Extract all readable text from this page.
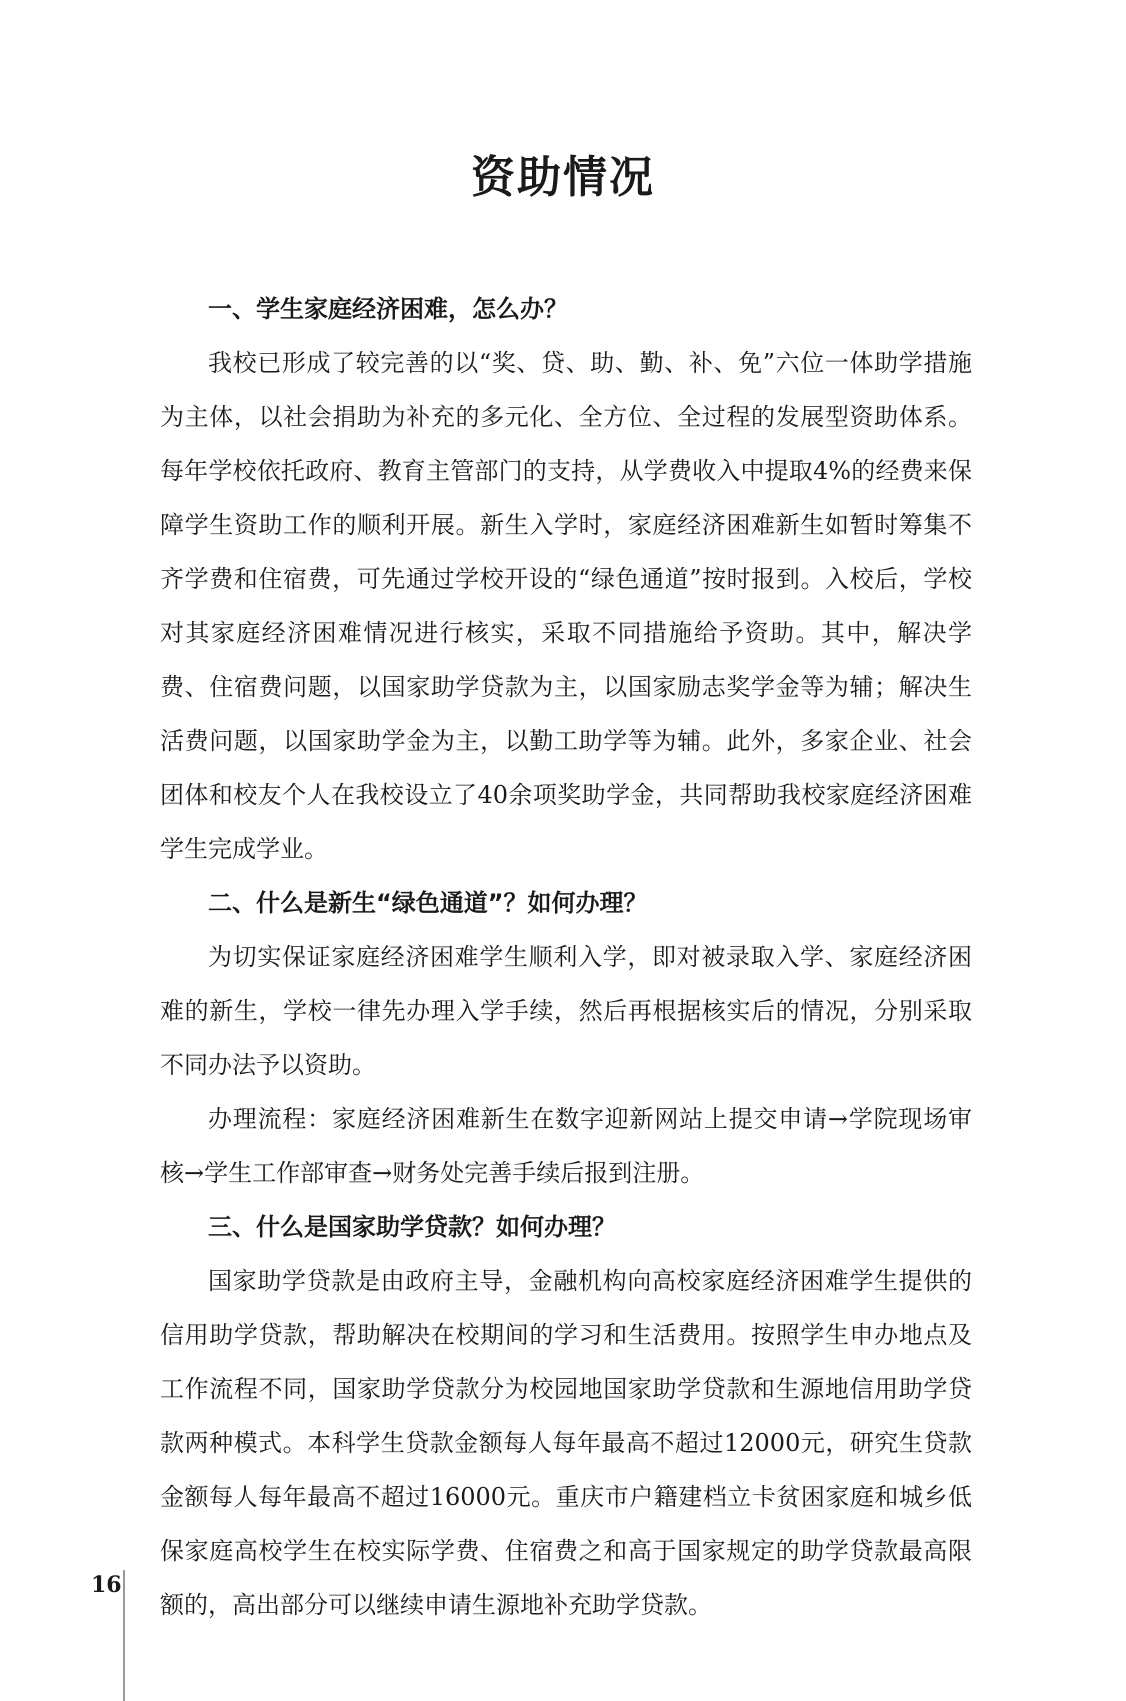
资助情况
一、学生家庭经济困难，怎么办？

我校已形成了较完善的以“奖、贷、助、勤、补、免”六位一体助学措施为主体，以社会捐助为补充的多元化、全方位、全过程的发展型资助体系。每年学校依托政府、教育主管部门的支持，从学费收入中提取4%的经费来保障学生资助工作的顺利开展。新生入学时，家庭经济困难新生如暂时筹集不齐学费和住宿费，可先通过学校开设的“绿色通道”按时报到。入校后，学校对其家庭经济困难情况进行核实，采取不同措施给予资助。其中，解决学费、住宿费问题，以国家助学贷款为主，以国家励志奖学金等为辅；解决生活费问题，以国家助学金为主，以勤工助学等为辅。此外，多家企业、社会团体和校友个人在我校设立了40余项奖助学金，共同帮助我校家庭经济困难学生完成学业。

二、什么是新生“绿色通道”？如何办理？

为切实保证家庭经济困难学生顺利入学，即对被录取入学、家庭经济困难的新生，学校一律先办理入学手续，然后再根据核实后的情况，分别采取不同办法予以资助。

办理流程：家庭经济困难新生在数字迎新网站上提交申请→学院现场审核→学生工作部审查→财务处完善手续后报到注册。

三、什么是国家助学贷款？如何办理？

国家助学贷款是由政府主导，金融机构向高校家庭经济困难学生提供的信用助学贷款，帮助解决在校期间的学习和生活费用。按照学生申办地点及工作流程不同，国家助学贷款分为校园地国家助学贷款和生源地信用助学贷款两种模式。本科学生贷款金额每人每年最高不超过12000元，研究生贷款金额每人每年最高不超过16000元。重庆市户籍建档立卡贫困家庭和城乡低保家庭高校学生在校实际学费、住宿费之和高于国家规定的助学贷款最高限额的，高出部分可以继续申请生源地补充助学贷款。

16
